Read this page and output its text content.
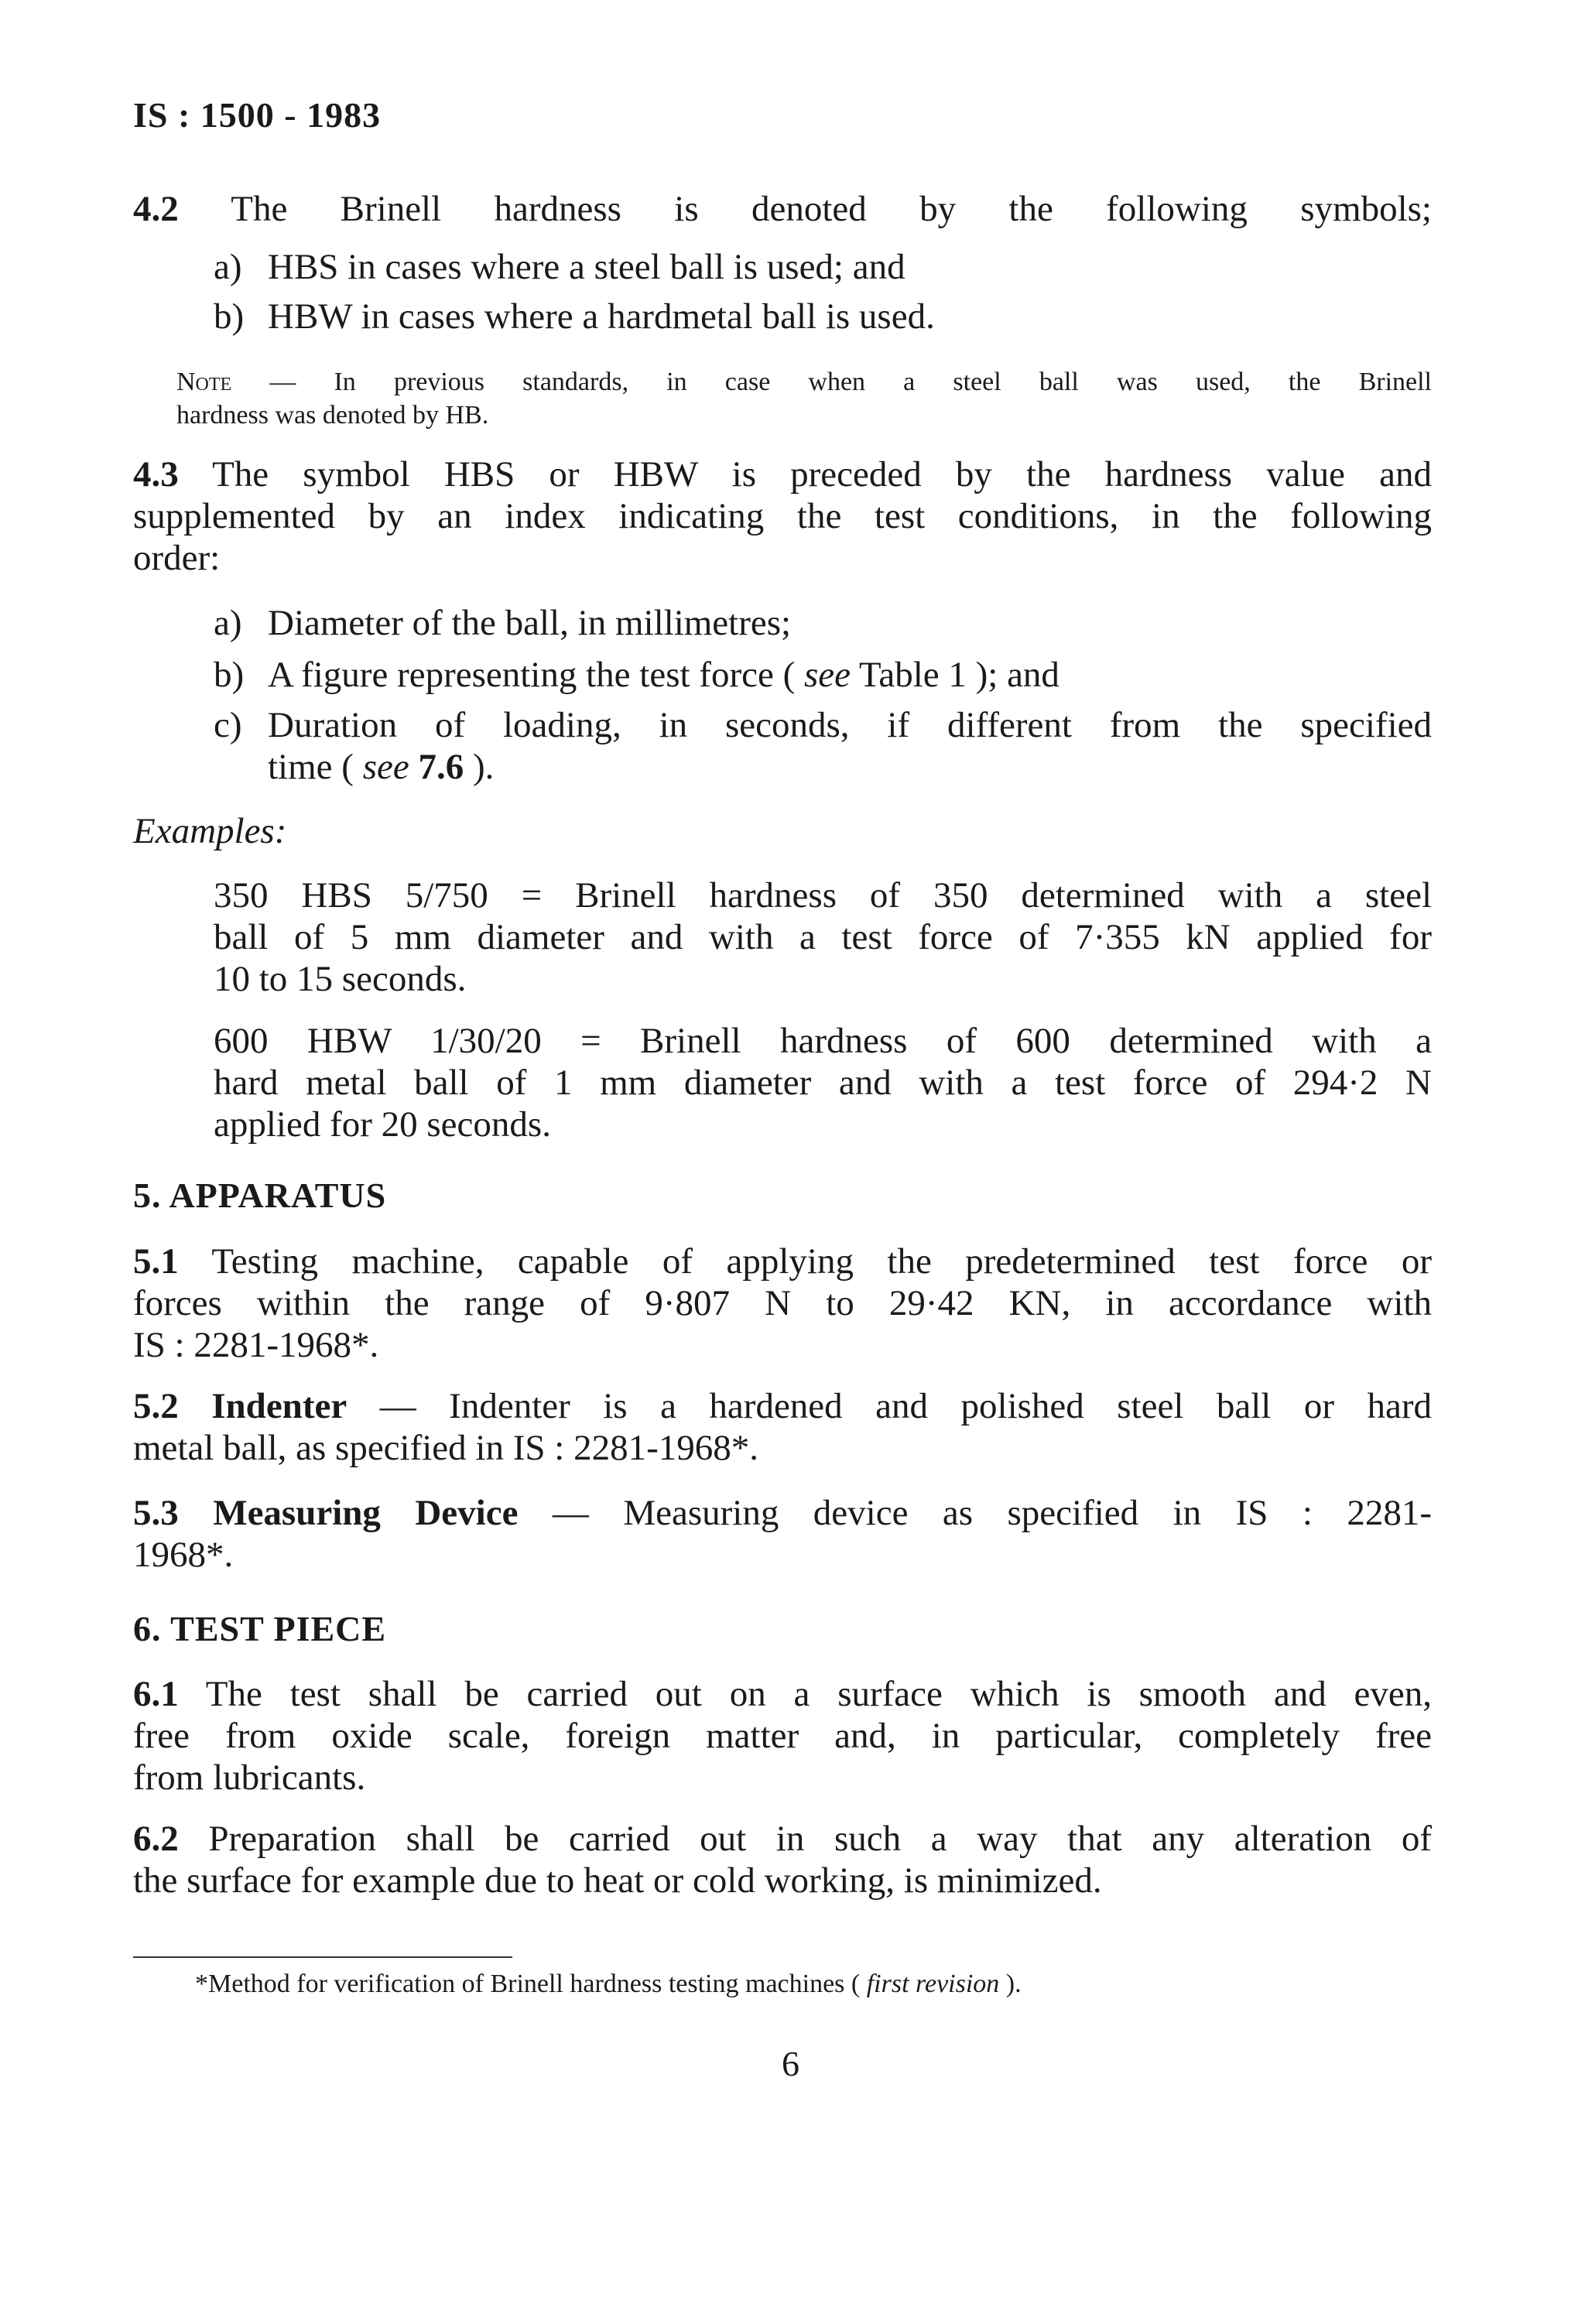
IS : 1500 - 1983
4.2 The Brinell hardness is denoted by the following symbols;
a) HBS in cases where a steel ball is used; and
b) HBW in cases where a hardmetal ball is used.
Note — In previous standards, in case when a steel ball was used, the Brinell
hardness was denoted by HB.
4.3 The symbol HBS or HBW is preceded by the hardness value and
supplemented by an index indicating the test conditions, in the following
order:
a) Diameter of the ball, in millimetres;
b) A figure representing the test force ( see Table 1 ); and
c) Duration of loading, in seconds, if different from the specified
time ( see 7.6 ).
Examples:
350 HBS 5/750 = Brinell hardness of 350 determined with a steel
ball of 5 mm diameter and with a test force of 7·355 kN applied for
10 to 15 seconds.
600 HBW 1/30/20 = Brinell hardness of 600 determined with a
hard metal ball of 1 mm diameter and with a test force of 294·2 N
applied for 20 seconds.
5. APPARATUS
5.1 Testing machine, capable of applying the predetermined test force or
forces within the range of 9·807 N to 29·42 KN, in accordance with
IS : 2281-1968*.
5.2 Indenter — Indenter is a hardened and polished steel ball or hard
metal ball, as specified in IS : 2281-1968*.
5.3 Measuring Device — Measuring device as specified in IS : 2281-
1968*.
6. TEST PIECE
6.1 The test shall be carried out on a surface which is smooth and even,
free from oxide scale, foreign matter and, in particular, completely free
from lubricants.
6.2 Preparation shall be carried out in such a way that any alteration of
the surface for example due to heat or cold working, is minimized.
*Method for verification of Brinell hardness testing machines ( first revision ).
6
